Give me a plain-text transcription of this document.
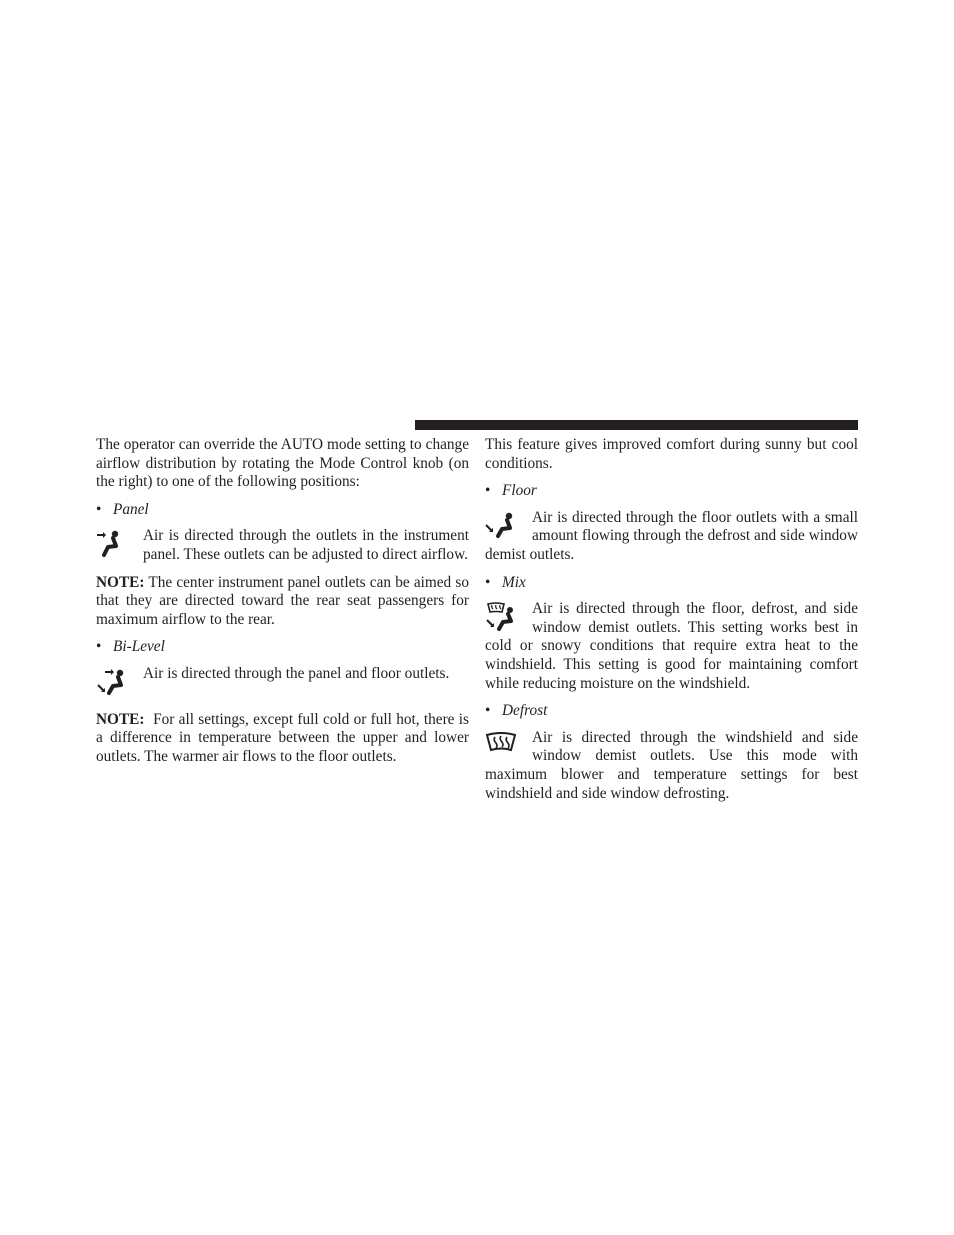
The operator can override the AUTO mode setting to change airflow distribution by rotating the Mode Control knob (on the right) to one of the following positions:

•Panel

Air is directed through the outlets in the instrument panel. These outlets can be adjusted to direct airflow.

NOTE: The center instrument panel outlets can be aimed so that they are directed toward the rear seat passengers for maximum airflow to the rear.

•Bi-Level

Air is directed through the panel and floor outlets.

NOTE: For all settings, except full cold or full hot, there is a difference in temperature between the upper and lower outlets. The warmer air flows to the floor outlets.

This feature gives improved comfort during sunny but cool conditions.

•Floor

Air is directed through the floor outlets with a small amount flowing through the defrost and side window demist outlets.

•Mix

Air is directed through the floor, defrost, and side window demist outlets. This setting works best in cold or snowy conditions that require extra heat to the windshield. This setting is good for maintaining comfort while reducing moisture on the windshield.

•Defrost

Air is directed through the windshield and side window demist outlets. Use this mode with maximum blower and temperature settings for best windshield and side window defrosting.
